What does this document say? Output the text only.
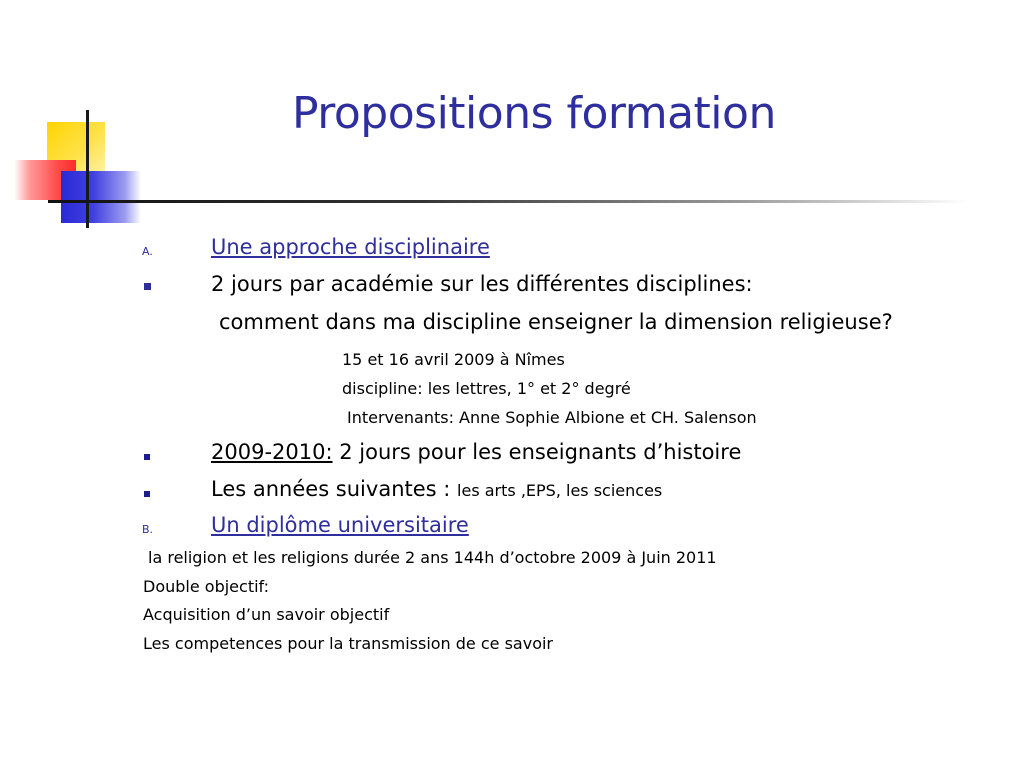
Propositions formation
A.	Une approche disciplinaire
2 jours par académie sur les différentes disciplines:
comment dans ma discipline enseigner la dimension religieuse?
15 et 16 avril 2009 à Nîmes
discipline: les lettres, 1° et 2° degré
Intervenants: Anne Sophie Albione et CH. Salenson
2009-2010: 2 jours pour les enseignants d’histoire
Les années suivantes : les arts ,EPS, les sciences
B.	Un diplôme universitaire
la religion et les religions durée 2 ans 144h d’octobre 2009 à Juin 2011
Double objectif:
Acquisition d’un savoir objectif
Les competences pour la transmission de ce savoir
